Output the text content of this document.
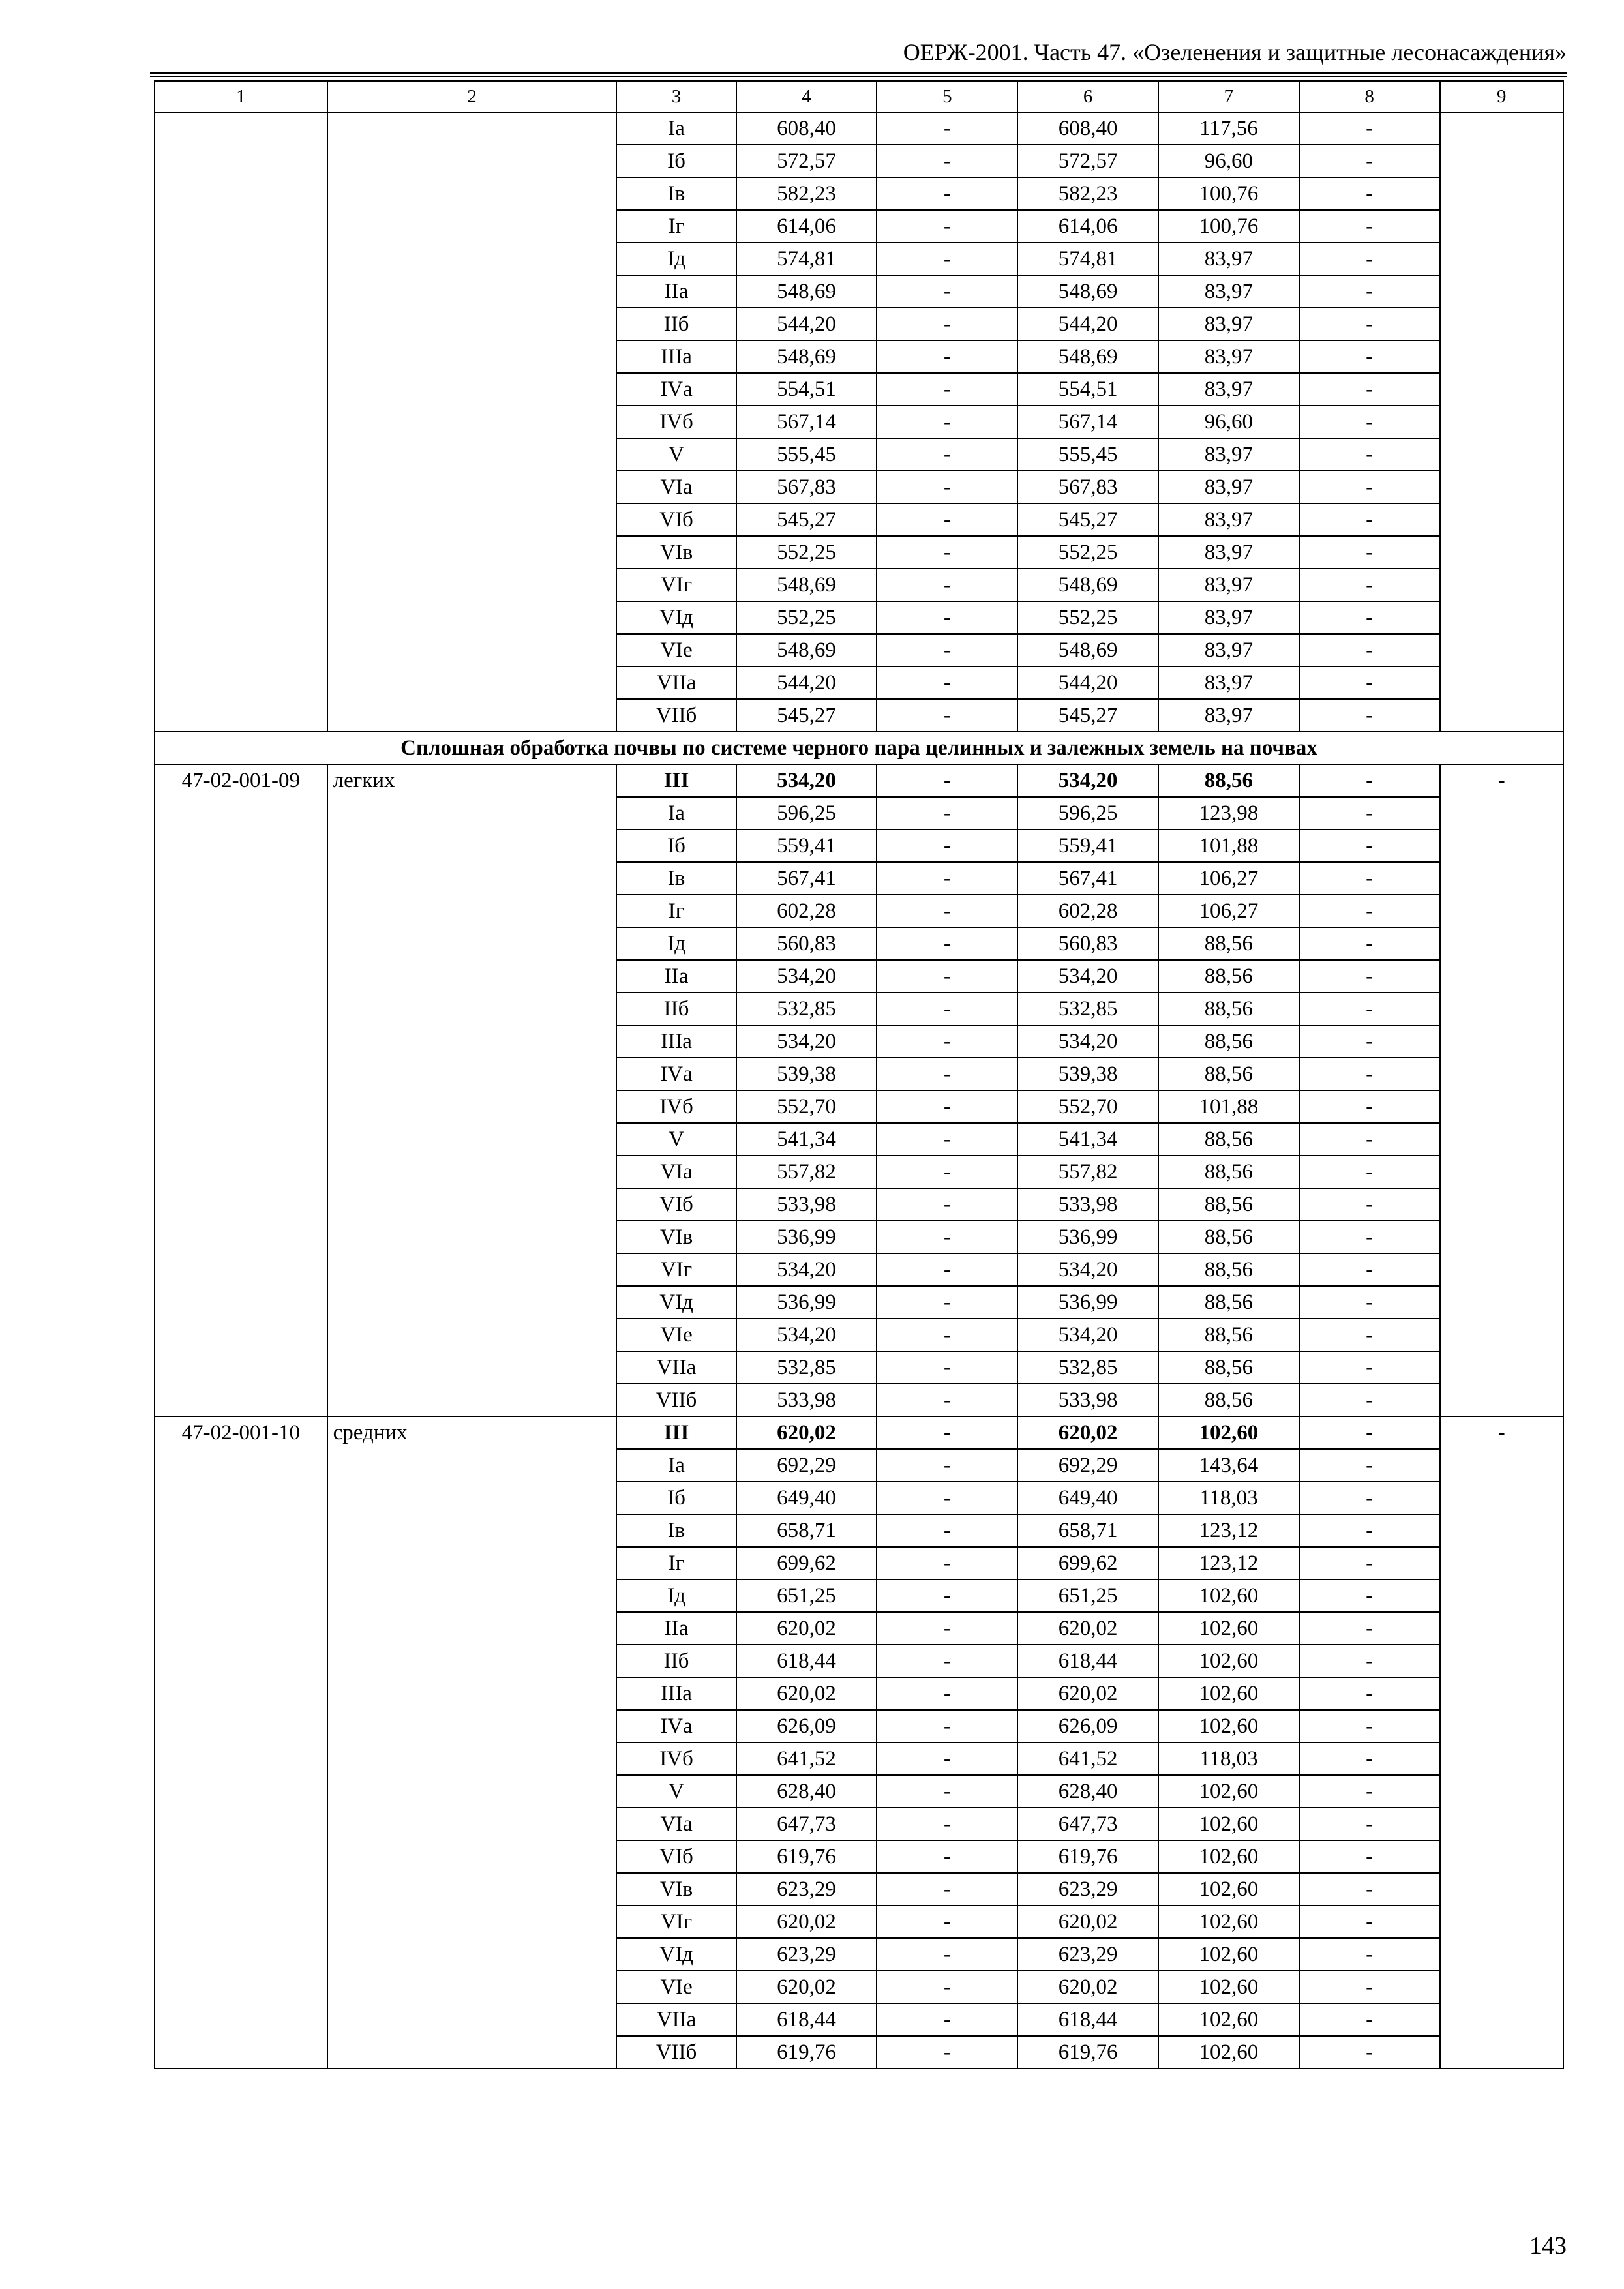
ОЕРЖ-2001. Часть 47. «Озеленения и защитные лесонасаждения»
1	2	3	4	5	6	7	8	9
		Iа	608,40	-	608,40	117,56	-	
		Iб	572,57	-	572,57	96,60	-	
		Iв	582,23	-	582,23	100,76	-	
		Iг	614,06	-	614,06	100,76	-	
		Iд	574,81	-	574,81	83,97	-	
		IIа	548,69	-	548,69	83,97	-	
		IIб	544,20	-	544,20	83,97	-	
		IIIа	548,69	-	548,69	83,97	-	
		IVа	554,51	-	554,51	83,97	-	
		IVб	567,14	-	567,14	96,60	-	
		V	555,45	-	555,45	83,97	-	
		VIа	567,83	-	567,83	83,97	-	
		VIб	545,27	-	545,27	83,97	-	
		VIв	552,25	-	552,25	83,97	-	
		VIг	548,69	-	548,69	83,97	-	
		VIд	552,25	-	552,25	83,97	-	
		VIе	548,69	-	548,69	83,97	-	
		VIIа	544,20	-	544,20	83,97	-	
		VIIб	545,27	-	545,27	83,97	-	
Сплошная обработка почвы по системе черного пара целинных и залежных земель на почвах								
47-02-001-09	легких	III	534,20	-	534,20	88,56	-	-
		Iа	596,25	-	596,25	123,98	-	
		Iб	559,41	-	559,41	101,88	-	
		Iв	567,41	-	567,41	106,27	-	
		Iг	602,28	-	602,28	106,27	-	
		Iд	560,83	-	560,83	88,56	-	
		IIа	534,20	-	534,20	88,56	-	
		IIб	532,85	-	532,85	88,56	-	
		IIIа	534,20	-	534,20	88,56	-	
		IVа	539,38	-	539,38	88,56	-	
		IVб	552,70	-	552,70	101,88	-	
		V	541,34	-	541,34	88,56	-	
		VIа	557,82	-	557,82	88,56	-	
		VIб	533,98	-	533,98	88,56	-	
		VIв	536,99	-	536,99	88,56	-	
		VIг	534,20	-	534,20	88,56	-	
		VIд	536,99	-	536,99	88,56	-	
		VIе	534,20	-	534,20	88,56	-	
		VIIа	532,85	-	532,85	88,56	-	
		VIIб	533,98	-	533,98	88,56	-	
47-02-001-10	средних	III	620,02	-	620,02	102,60	-	-
		Iа	692,29	-	692,29	143,64	-	
		Iб	649,40	-	649,40	118,03	-	
		Iв	658,71	-	658,71	123,12	-	
		Iг	699,62	-	699,62	123,12	-	
		Iд	651,25	-	651,25	102,60	-	
		IIа	620,02	-	620,02	102,60	-	
		IIб	618,44	-	618,44	102,60	-	
		IIIа	620,02	-	620,02	102,60	-	
		IVа	626,09	-	626,09	102,60	-	
		IVб	641,52	-	641,52	118,03	-	
		V	628,40	-	628,40	102,60	-	
		VIа	647,73	-	647,73	102,60	-	
		VIб	619,76	-	619,76	102,60	-	
		VIв	623,29	-	623,29	102,60	-	
		VIг	620,02	-	620,02	102,60	-	
		VIд	623,29	-	623,29	102,60	-	
		VIе	620,02	-	620,02	102,60	-	
		VIIа	618,44	-	618,44	102,60	-	
		VIIб	619,76	-	619,76	102,60	-	
143
